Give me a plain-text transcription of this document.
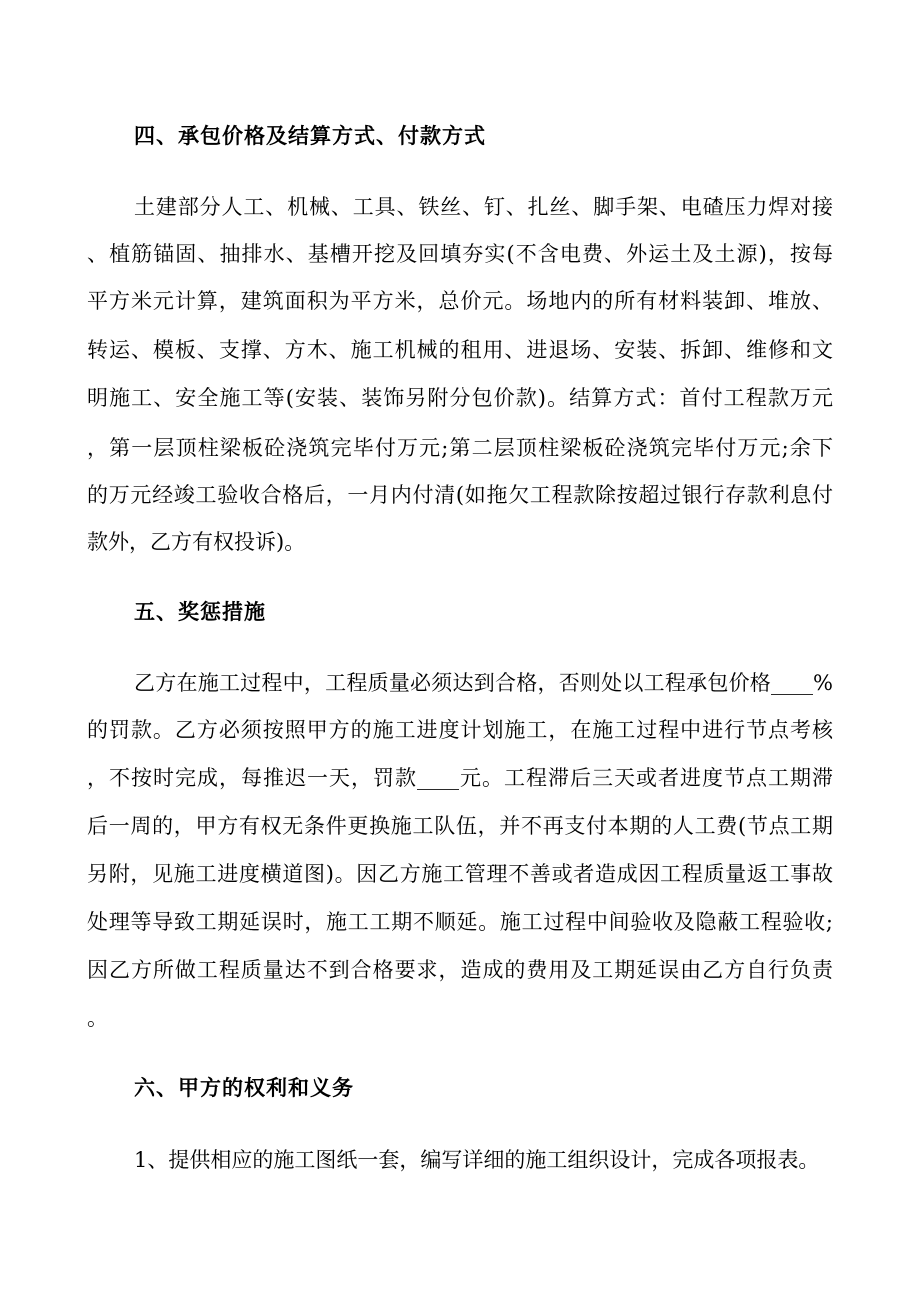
四、承包价格及结算方式、付款方式
土建部分人工、机械、工具、铁丝、钉、扎丝、脚手架、电碴压力焊对接
、植筋锚固、抽排水、基槽开挖及回填夯实(不含电费、外运土及土源)，按每
平方米元计算，建筑面积为平方米，总价元。场地内的所有材料装卸、堆放、
转运、模板、支撑、方木、施工机械的租用、进退场、安装、拆卸、维修和文
明施工、安全施工等(安装、装饰另附分包价款)。结算方式：首付工程款万元
，第一层顶柱梁板砼浇筑完毕付万元;第二层顶柱梁板砼浇筑完毕付万元;余下
的万元经竣工验收合格后，一月内付清(如拖欠工程款除按超过银行存款利息付
款外，乙方有权投诉)。
五、奖惩措施
乙方在施工过程中，工程质量必须达到合格，否则处以工程承包价格____%
的罚款。乙方必须按照甲方的施工进度计划施工，在施工过程中进行节点考核
，不按时完成，每推迟一天，罚款____元。工程滞后三天或者进度节点工期滞
后一周的，甲方有权无条件更换施工队伍，并不再支付本期的人工费(节点工期
另附，见施工进度横道图)。因乙方施工管理不善或者造成因工程质量返工事故
处理等导致工期延误时，施工工期不顺延。施工过程中间验收及隐蔽工程验收;
因乙方所做工程质量达不到合格要求，造成的费用及工期延误由乙方自行负责
。
六、甲方的权利和义务
1、提供相应的施工图纸一套，编写详细的施工组织设计，完成各项报表。
